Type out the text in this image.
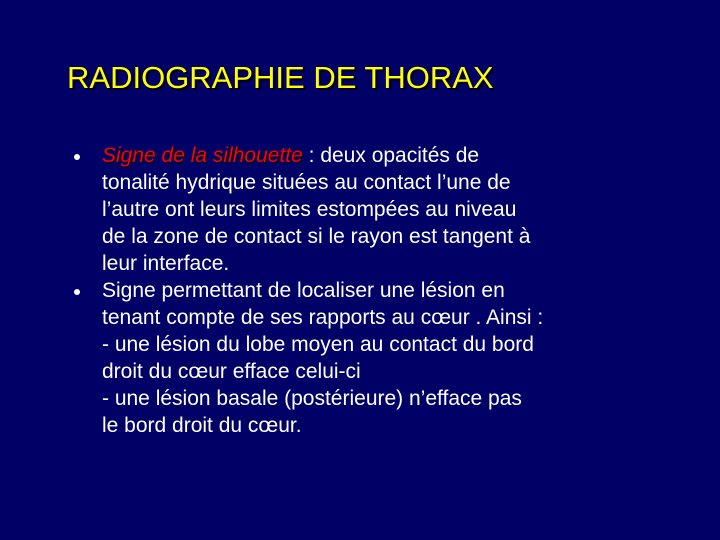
RADIOGRAPHIE DE THORAX
Signe de la silhouette : deux opacités de
tonalité hydrique situées au contact l’une de
l’autre ont leurs limites estompées au niveau
de la zone de contact si le rayon est tangent à
leur interface.
Signe permettant de localiser une lésion en
tenant compte de ses rapports au cœur . Ainsi :
- une lésion du lobe moyen au contact du bord
droit du cœur efface celui-ci
- une lésion basale (postérieure) n’efface pas
le bord droit du cœur.
